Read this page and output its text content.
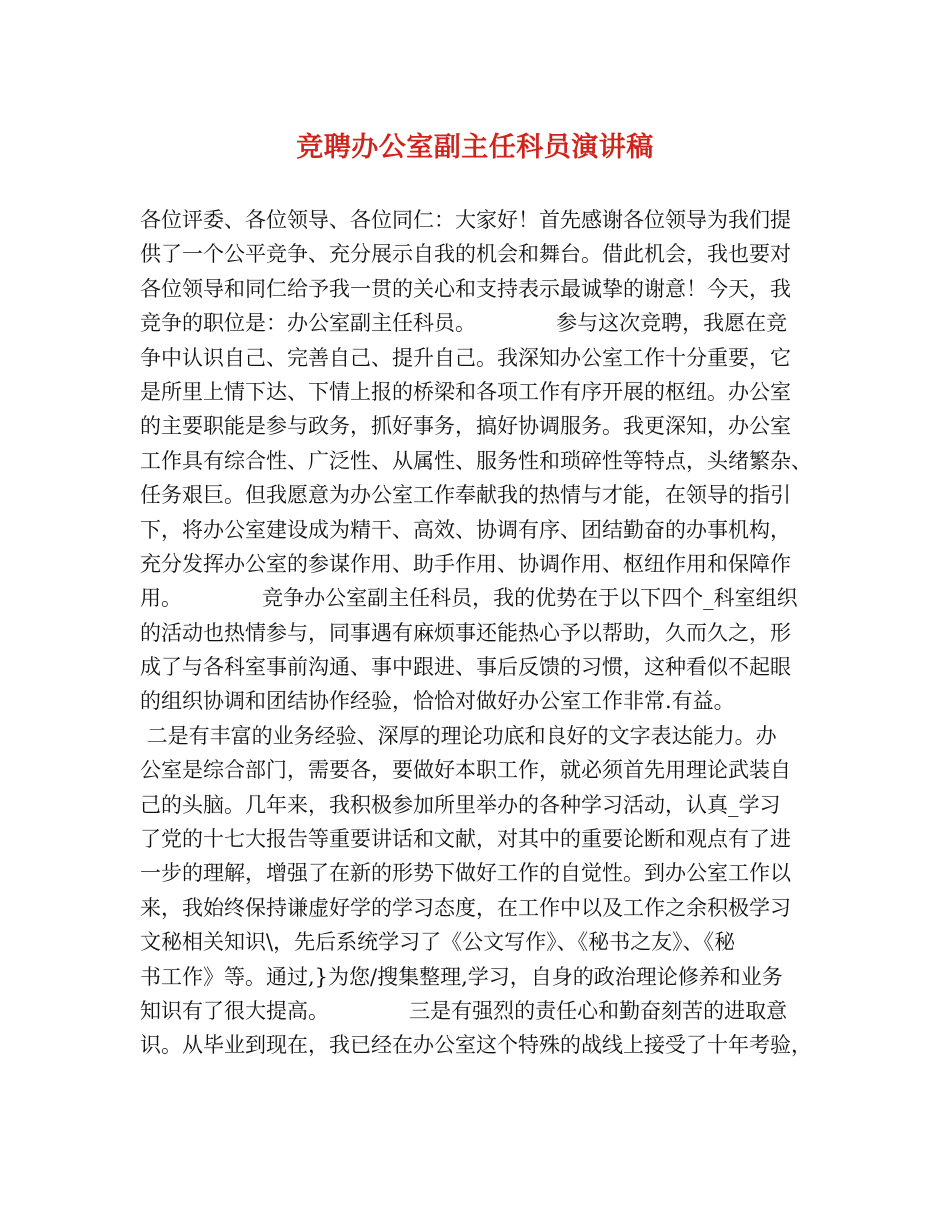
竞聘办公室副主任科员演讲稿
各位评委、各位领导、各位同仁：大家好！首先感谢各位领导为我们提
供了一个公平竞争、充分展示自我的机会和舞台。借此机会，我也要对
各位领导和同仁给予我一贯的关心和支持表示最诚挚的谢意！今天，我
竞争的职位是：办公室副主任科员。            参与这次竞聘，我愿在竞
争中认识自己、完善自己、提升自己。我深知办公室工作十分重要，它
是所里上情下达、下情上报的桥梁和各项工作有序开展的枢纽。办公室
的主要职能是参与政务，抓好事务，搞好协调服务。我更深知，办公室
工作具有综合性、广泛性、从属性、服务性和琐碎性等特点，头绪繁杂、
任务艰巨。但我愿意为办公室工作奉献我的热情与才能，在领导的指引
下，将办公室建设成为精干、高效、协调有序、团结勤奋的办事机构，
充分发挥办公室的参谋作用、助手作用、协调作用、枢纽作用和保障作
用。            竞争办公室副主任科员，我的优势在于以下四个_科室组织
的活动也热情参与，同事遇有麻烦事还能热心予以帮助，久而久之，形
成了与各科室事前沟通、事中跟进、事后反馈的习惯，这种看似不起眼
的组织协调和团结协作经验，恰恰对做好办公室工作非常.有益。
二是有丰富的业务经验、深厚的理论功底和良好的文字表达能力。办
公室是综合部门，需要各，要做好本职工作，就必须首先用理论武装自
己的头脑。几年来，我积极参加所里举办的各种学习活动，认真_学习
了党的十七大报告等重要讲话和文献，对其中的重要论断和观点有了进
一步的理解，增强了在新的形势下做好工作的自觉性。到办公室工作以
来，我始终保持谦虚好学的学习态度，在工作中以及工作之余积极学习
文秘相关知识\，先后系统学习了《公文写作》、《秘书之友》、《秘
书工作》等。通过,}为您/搜集整理,学习，自身的政治理论修养和业务
知识有了很大提高。            三是有强烈的责任心和勤奋刻苦的进取意
识。从毕业到现在，我已经在办公室这个特殊的战线上接受了十年考验，
